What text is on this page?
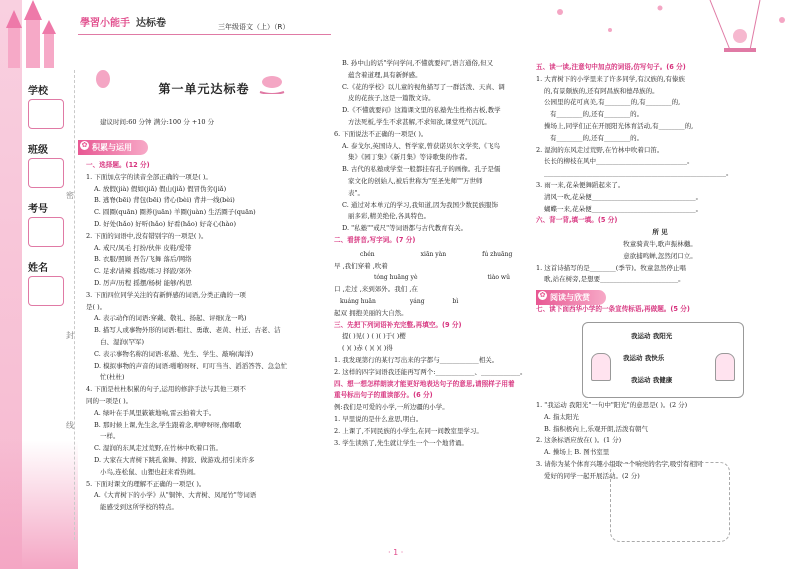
学校
班级
考号
姓名
密
封
线
學習小能手 达标卷	三年级语文（上）（R）
第一单元达标卷
建议时间:60 分钟 满分:100 分 +10 分
✿ 积累与运用

一、选择题。(12 分)

1. 下面加点字的读音全部正确的一项是( )。

A. 放假(jià) 假如(jiǎ) 假山(jiǎ) 假冒伪劣(jiǎ)

B. 逃脊(bēi) 背包(bēi) 背心(bèi) 背井一线(bèi)

C. 圆圈(quān) 圈养(juān) 羊圈(juàn) 生活圈子(quān)

D. 好处(hǎo) 好听(hǎo) 好看(hǎo) 好奇心(hào)

2. 下面的词语中,没有错别字的一项是( )。

A. 戒尺/凤毛 打扮/伙伴 皮鞋/爱带

B. 衣服/照顾 吾告/飞舞 落后/网络

C. 足求/请辣 摇练/练习 择跤/郊外

D. 厉声/历程 摇摆/杨树 能够/构思

3. 下面四位同学关注的有新鲜感的词语,分类正确的一项

是( )。

A. 表示动作的词语:穿戴、敬礼、扬起、评细(龙一鸣)

B. 描写人或事物外形的词语:粗壮、勇敢、老黄、杜迁、古老、洁

白、湿润(罕军)

C. 表示事物名称的词语:私塾、先生、学生、敲响(海洋)

D. 模拟事物的声音的词语:啪啪呀呀、叮叮当当、滔滔答答、急急忙

忙(杜杜)

4. 下面是杜杜积累的句子,运用的修辞手法与其他三项不

同的一项是( )。

A. 绿叶在手风里簌簌地响,雷云拍着大手。

B. 那时候上课,先生念,学生跟着念,咿咿呀呀,像唱歌

一样。

C. 湿润的东风走过荒野,在竹林中吹着口笛。

D. 大家在大青树下跳孔雀舞、摔跤、做游戏,招引来许多

小鸟,连松鼠、山狸也赶来看热闹。

5. 下面对课文的理解不正确的一项是( )。

A.《大青树下的小学》从"铜钟、大青树、凤尾竹"等词语

能感受到这所学校的特点。

B. 孙中山的话"学问学问,不懂就要问",语言通俗,但又

蕴含着道理,具有新鲜感。

C.《花的学校》以儿童的视角描写了一群活泼、天真、调

皮的花孩子,这是一篇散文诗。

D.《不懂就要问》这篇课文里的私塾先生性格古板,教学

方法死板,学生不求甚解,不求知欲,课堂死气沉沉。

6. 下面说法不正确的一项是( )。

A. 泰戈尔,英国诗人、哲学家,曾获诺贝尔文学奖,《飞鸟

集》《园丁集》《新月集》等诗歌集的作者。

B. 古代的私塾或学堂一般都挂有孔子的画像。孔子是儒

家文化的创始人,被后世称为"至圣先师""万世师

表"。

C. 通过对本单元的学习,我知道,因为我国少数民族服饰

丽多彩,精美绝伦,各具特色。

D. "私塾""戒尺"等词语都与古代教育有关。

二、看拼音,写字词。(7 分)

chén	xiān yàn	fú zhuāng

早 ,我们穿着 ,吹着

tóng huāng yè	tiào wǔ

口 ,走过 ,来到郊外。我们 ,在

kuáng huān	yáng	bì

起双 拥抱美丽的大自然。

三、先把下列词语补充完整,再填空。(9 分)

提( )见( ) ( )( )于( )樱

( )( )赤 ( )( )( )得

1. 我发现第行的某行写出来的字都与____________相关。

2. 这样的四字词语我还能再写两个:____________、____________。

四、想一想怎样朗读才能更好地表达句子的意思,请照样子用着

重号标出句子的重读部分。(6 分)

例:我们是可爱的小学,一所边疆的小学。

1. 早里说的是什么意思,明白。

2. 上课了,不同民族的小学生,在同一间教室里学习。

3. 学生读熟了,先生就让学生一个一个地背诵。

五、读一读,注意句中加点的词语,仿写句子。(6 分)

1. 大青树下的小学里来了许多同学,有汉族的,有傣族

的,有景颇族的,还有阿昌族和德昂族的。

公园里的花可真美,有________的,有________的,

有________的,还有________的。

操场上,同学们正在开展阳光体育活动,有________的,

有________的,还有________的。

2. 湿润的东风走过荒野,在竹林中吹着口笛。

长长的柳枝在风中____________________________。

________________________________________________________。

3. 雨一来,花朵便舞蹈起来了。

清风一吹,花朵便________________________________。

蝴蝶一来,花朵便________________________________。

六、背一背,填一填。(5 分)

所 见

牧童骑黄牛,歌声振林樾。

意欲捕鸣蝉,忽然闭口立。

1. 这首诗描写的是________(季节)。牧童忽然停止唱

歌,站在树旁,是想要________________________。

✿ 阅读与欣赏

七、读下面西华小学的一条宣传标语,再做题。(5 分)

我运动 我阳光
我运动 我快乐
我运动 我健康

1. "我运动 我阳光"一句中"阳光"的意思是( )。(2 分)

A. 指太阳光

B. 指积极向上,乐观开朗,活泼有朝气

2. 这条标语应放在( )。(1 分)

A. 操场上 B. 图书室里

3. 请你为某个体育兴趣小组取一个响亮的名字,吸引有相同

爱好的同学一起开展活动。(2 分)

· 1 ·
